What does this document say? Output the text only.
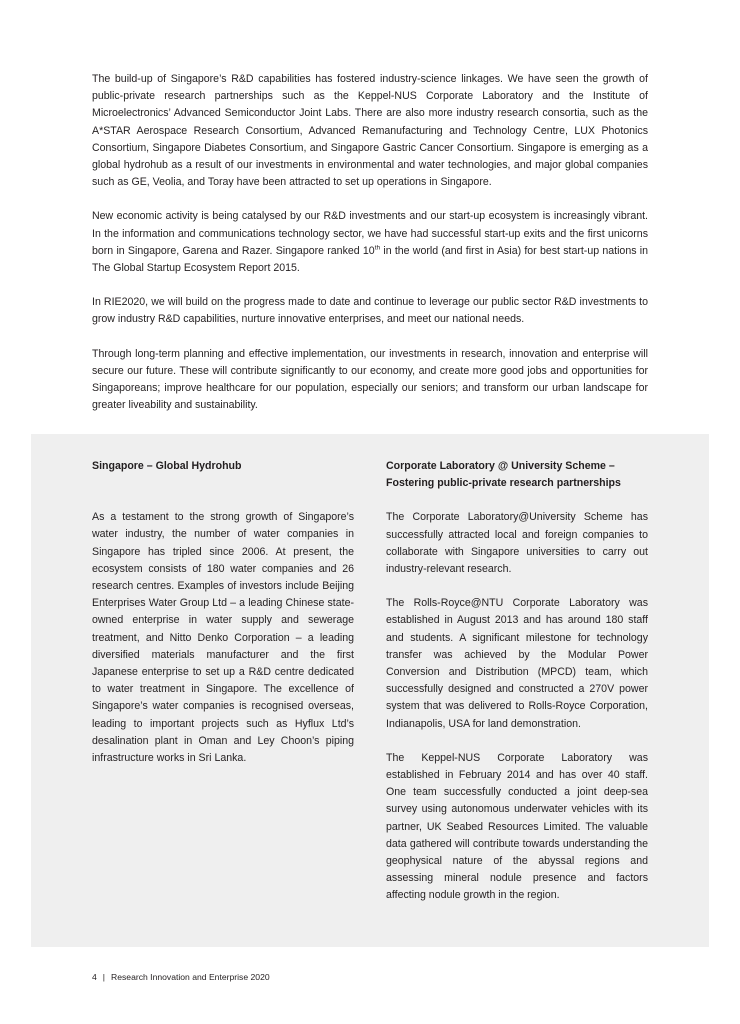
The build-up of Singapore’s R&D capabilities has fostered industry-science linkages. We have seen the growth of public-private research partnerships such as the Keppel-NUS Corporate Laboratory and the Institute of Microelectronics’ Advanced Semiconductor Joint Labs. There are also more industry research consortia, such as the A*STAR Aerospace Research Consortium, Advanced Remanufacturing and Technology Centre, LUX Photonics Consortium, Singapore Diabetes Consortium, and Singapore Gastric Cancer Consortium. Singapore is emerging as a global hydrohub as a result of our investments in environmental and water technologies, and major global companies such as GE, Veolia, and Toray have been attracted to set up operations in Singapore.

New economic activity is being catalysed by our R&D investments and our start-up ecosystem is increasingly vibrant. In the information and communications technology sector, we have had successful start-up exits and the first unicorns born in Singapore, Garena and Razer. Singapore ranked 10th in the world (and first in Asia) for best start-up nations in The Global Startup Ecosystem Report 2015.

In RIE2020, we will build on the progress made to date and continue to leverage our public sector R&D investments to grow industry R&D capabilities, nurture innovative enterprises, and meet our national needs.

Through long-term planning and effective implementation, our investments in research, innovation and enterprise will secure our future. These will contribute significantly to our economy, and create more good jobs and opportunities for Singaporeans; improve healthcare for our population, especially our seniors; and transform our urban landscape for greater liveability and sustainability.

Singapore – Global Hydrohub

As a testament to the strong growth of Singapore’s water industry, the number of water companies in Singapore has tripled since 2006. At present, the ecosystem consists of 180 water companies and 26 research centres. Examples of investors include Beijing Enterprises Water Group Ltd – a leading Chinese state-owned enterprise in water supply and sewerage treatment, and Nitto Denko Corporation – a leading diversified materials manufacturer and the first Japanese enterprise to set up a R&D centre dedicated to water treatment in Singapore. The excellence of Singapore’s water companies is recognised overseas, leading to important projects such as Hyflux Ltd’s desalination plant in Oman and Ley Choon’s piping infrastructure works in Sri Lanka.

Corporate Laboratory @ University Scheme –
Fostering public-private research partnerships

The Corporate Laboratory@University Scheme has successfully attracted local and foreign companies to collaborate with Singapore universities to carry out industry-relevant research.

The Rolls-Royce@NTU Corporate Laboratory was established in August 2013 and has around 180 staff and students. A significant milestone for technology transfer was achieved by the Modular Power Conversion and Distribution (MPCD) team, which successfully designed and constructed a 270V power system that was delivered to Rolls-Royce Corporation, Indianapolis, USA for land demonstration.

The Keppel-NUS Corporate Laboratory was established in February 2014 and has over 40 staff. One team successfully conducted a joint deep-sea survey using autonomous underwater vehicles with its partner, UK Seabed Resources Limited. The valuable data gathered will contribute towards understanding the geophysical nature of the abyssal regions and assessing mineral nodule presence and factors affecting nodule growth in the region.

4 | Research Innovation and Enterprise 2020
